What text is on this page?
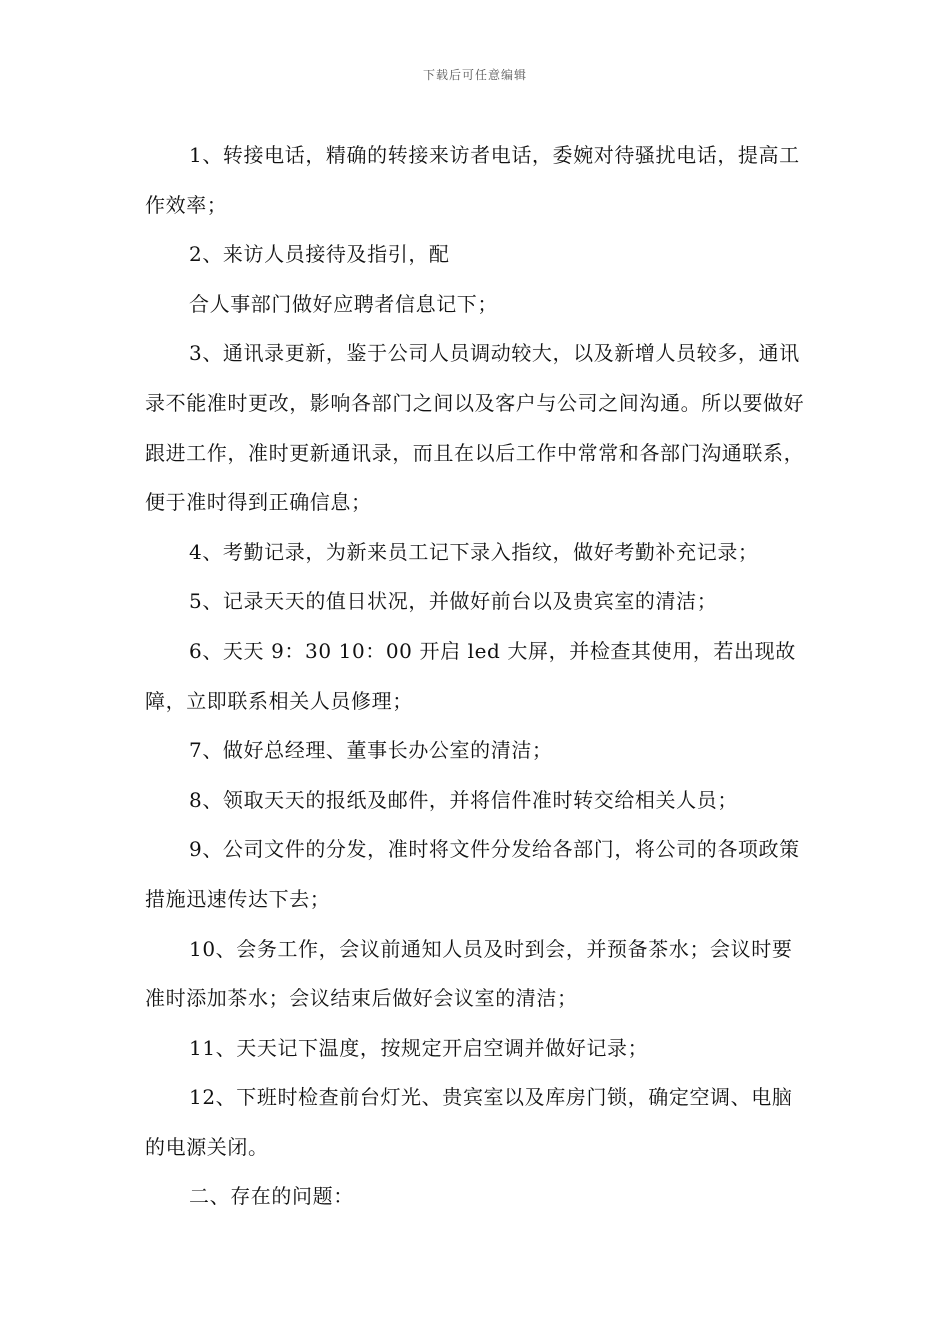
下载后可任意编辑

1、转接电话，精确的转接来访者电话，委婉对待骚扰电话，提高工作效率；

2、来访人员接待及指引，配

合人事部门做好应聘者信息记下；

3、通讯录更新，鉴于公司人员调动较大，以及新增人员较多，通讯录不能准时更改，影响各部门之间以及客户与公司之间沟通。所以要做好跟进工作，准时更新通讯录，而且在以后工作中常常和各部门沟通联系，便于准时得到正确信息；

4、考勤记录，为新来员工记下录入指纹，做好考勤补充记录；

5、记录天天的值日状况，并做好前台以及贵宾室的清洁；

6、天天 9：30 10：00 开启 led 大屏，并检查其使用，若出现故障，立即联系相关人员修理；

7、做好总经理、董事长办公室的清洁；

8、领取天天的报纸及邮件，并将信件准时转交给相关人员；

9、公司文件的分发，准时将文件分发给各部门，将公司的各项政策措施迅速传达下去；

10、会务工作，会议前通知人员及时到会，并预备茶水；会议时要准时添加茶水；会议结束后做好会议室的清洁；

11、天天记下温度，按规定开启空调并做好记录；

12、下班时检查前台灯光、贵宾室以及库房门锁，确定空调、电脑的电源关闭。

二、存在的问题：
